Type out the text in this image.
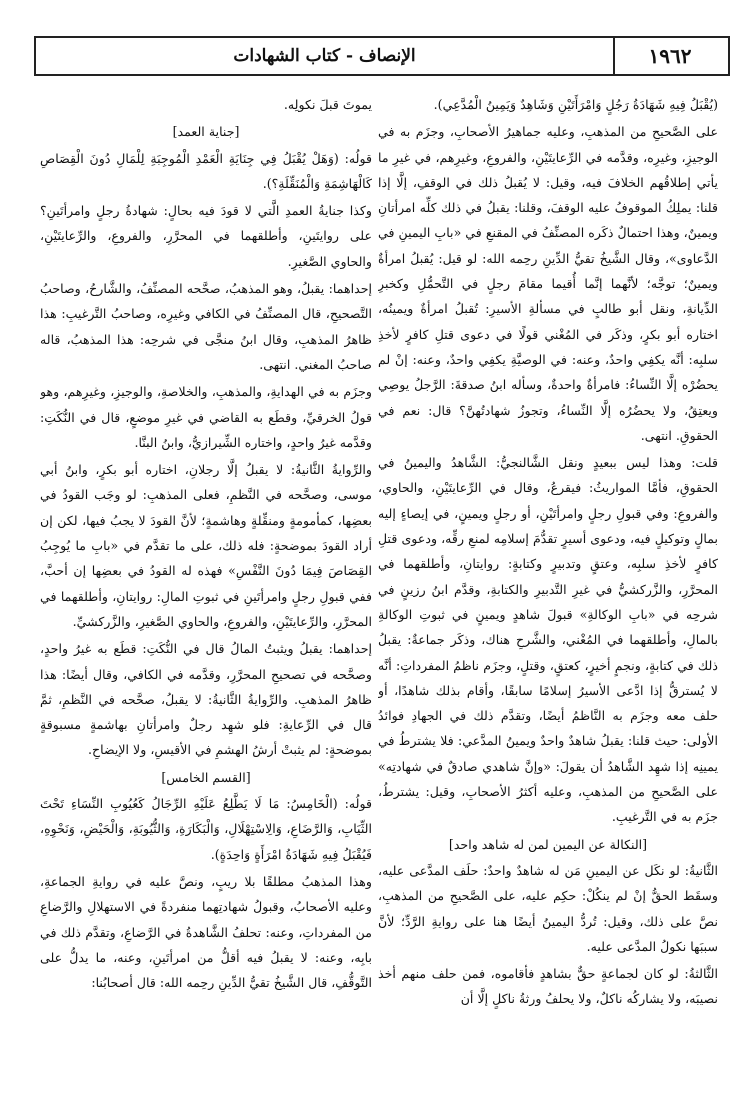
الإنصاف - كتاب الشهادات	١٩٦٢

(يُقْبَلُ فِيهِ شَهَادَةُ رَجُلٍ وَامْرَأَتَيْنِ وَشَاهِدٌ وَيَمِينُ الْمُدَّعِي).

على الصَّحيحِ من المذهبِ، وعليه جماهيرُ الأصحابِ، وجزَم به في الوجيزِ، وغيرِه، وقدَّمه في الرِّعايتَيْنِ، والفروعِ، وغيرِهم، في غيرِ ما يأتي إطلاقُهم الخلافَ فيه، وقيل: لا يُقبلُ ذلك في الوقفِ، إلَّا إذا قلنا: يملِكُ الموقوفُ عليه الوقفَ، وقلنا: يقبلُ في ذلك كلِّه امرأتانِ ويمينٌ، وهذا احتمالٌ ذكَره المصنِّفُ في المقنعِ في «بابِ اليمينِ في الدَّعاوى»، وقال الشَّيخُ تقيُّ الدِّينِ رحِمه الله: لو قيل: يُقبلُ امرأةٌ ويمينٌ؛ توجَّه؛ لأنَّهما إنَّما أُقيما مقامَ رجلٍ في التَّحمُّلِ وكخبرِ الدِّيانةِ، ونقل أبو طالبٍ في مسألةِ الأسيرِ: تُقبلُ امرأةٌ ويمينُه، اختاره أبو بكرٍ، وذكَر في المُغْني قولًا في دعوى قتلِ كافرٍ لأخذِ سلبِه: أنَّه يكفِي واحدٌ، وعنه: في الوصيَّةِ يكفِي واحدٌ، وعنه: إنْ لم يحضُرْه إلَّا النِّساءُ: فامرأةٌ واحدةٌ، وسأله ابنُ صدقةَ: الرَّجلُ يوصِي ويعتِقُ، ولا يحضُرُه إلَّا النِّساءُ، وتجوزُ شهادتُهنَّ؟ قال: نعم في الحقوقِ. انتهى.

قلت: وهذا ليس ببعيدٍ ونقل الشَّالنجيُّ: الشَّاهدُ واليمينُ في الحقوقِ، فأمَّا المواريثُ: فيقرعُ، وقال في الرِّعايتَيْنِ، والحاوي، والفروعِ: وفي قبولِ رجلٍ وامرأتَيْنِ، أو رجلٍ ويمينٍ، في إيصاءٍ إليه بمالٍ وتوكيلٍ فيه، ودعوى أسيرٍ تقدُّمَ إسلامِه لمنعِ رقِّه، ودعوى قتلِ كافرٍ لأخذِ سلبِه، وعتقٍ وتدبيرٍ وكتابةٍ: روايتانِ، وأطلقهما في المحرَّرِ، والزَّركشيُّ في غيرِ التَّدبيرِ والكتابةِ، وقدَّم ابنُ رزينٍ في شرحِه في «بابِ الوكالةِ» قبولَ شاهدٍ ويمينٍ في ثبوتِ الوكالةِ بالمالِ، وأطلقهما في المُغْني، والشَّرحِ هناك، وذكَر جماعةٌ: يقبلُ ذلك في كتابةٍ، ونجمٍ أخيرٍ، كعتقٍ، وقتلٍ، وجزَم ناظمُ المفرداتِ: أنَّه لا يُسترقُّ إذا ادَّعى الأسيرُ إسلامًا سابقًا، وأقام بذلك شاهدًا، أو حلف معه وجزَم به النَّاظمُ أيضًا، وتقدَّم ذلك في الجهادِ فوائدُ الأولى: حيث قلنا: يقبلُ شاهدٌ واحدٌ ويمينُ المدَّعي: فلا يشترطُ في يمينِه إذا شهِد الشَّاهدُ أن يقولَ: «وإنَّ شاهدي صادقٌ في شهادتِه» على الصَّحيحِ من المذهبِ، وعليه أكثرُ الأصحابِ، وقيل: يشترطُ، جزَم به في التَّرغيبِ.

[النكالة عن اليمين لمن له شاهد واحد]

الثَّانيةُ: لو نكَل عن اليمينِ مَن له شاهدٌ واحدٌ: حلَف المدَّعى عليه، وسقَط الحقُّ إنْ لم ينكُلْ: حكِم عليه، على الصَّحيحِ من المذهبِ، نصَّ على ذلك، وقيل: تُردُّ اليمينُ أيضًا هنا على روايةِ الرَّدِّ؛ لأنَّ سببَها نكولُ المدَّعى عليه.

الثَّالثةُ: لو كان لجماعةٍ حقٌّ بشاهدٍ فأقاموه، فمن حلف منهم أخذ نصيبَه، ولا يشاركُه ناكلٌ، ولا يحلفُ ورثةُ ناكلٍ إلَّا أن

يموتَ قبلَ نكولِه.

[جناية العمد]

قولُه: (وَهَلْ يُقْبَلُ فِي جِنَايَةِ الْعَمْدِ الْمُوجِبَةِ لِلْمَالِ دُونَ الْقِصَاصِ كَالْهَاشِمَةِ وَالْمُنَقِّلَةِ؟).

وكذا جنايةُ العمدِ الَّتي لا قودَ فيه بحالٍ: شهادةُ رجلٍ وامرأتَينِ؟ على روايتَينِ، وأطلقهما في المحرَّرِ، والفروعِ، والرِّعايتَيْنِ، والحاوي الصَّغيرِ.

إحداهما: يقبلُ، وهو المذهبُ، صحَّحه المصنِّفُ، والشَّارحُ، وصاحبُ التَّصحيحِ، قال المصنِّفُ في الكافي وغيرِه، وصاحبُ التَّرغيبِ: هذا ظاهرُ المذهبِ، وقال ابنُ منجَّى في شرحِه: هذا المذهبُ، قاله صاحبُ المغني. انتهى.

وجزَم به في الهدايةِ، والمذهبِ، والخلاصةِ، والوجيزِ، وغيرِهم، وهو قولُ الخرقيِّ، وقطَع به القاضي في غيرِ موضعٍ، قال في النُّكَتِ: وقدَّمه غيرُ واحدٍ، واختاره الشِّيرازيُّ، وابنُ البنَّا.

والرِّوايةُ الثَّانيةُ: لا يقبلُ إلَّا رجلانِ، اختاره أبو بكرٍ، وابنُ أبي موسى، وصحَّحه في النَّظمِ، فعلى المذهبِ: لو وجَب القودُ في بعضِها، كمأمومةٍ ومنقِّلةٍ وهاشمةٍ؛ لأنَّ القودَ لا يجبُ فيها، لكن إن أراد القودَ بموضحةٍ: فله ذلك، على ما تقدَّم في «بابِ ما يُوجِبُ القِصَاصَ فِيمَا دُونَ النَّفْسِ» فهذه له القودُ في بعضِها إن أحبَّ، ففي قبولِ رجلٍ وامرأتَينِ في ثبوتِ المالِ: روايتانِ، وأطلقهما في المحرَّرِ، والرِّعايتَيْنِ، والفروعِ، والحاوي الصَّغيرِ، والزَّركشيِّ.

إحداهما: يقبلُ ويثبتُ المالُ قال في النُّكَتِ: قطَع به غيرُ واحدٍ، وصحَّحه في تصحيحِ المحرَّرِ، وقدَّمه في الكافي، وقال أيضًا: هذا ظاهرُ المذهبِ. والرِّوايةُ الثَّانيةُ: لا يقبلُ، صحَّحه في النَّظمِ، ثمَّ قال في الرِّعايةِ: فلو شهِد رجلٌ وامرأتانِ بهاشمةٍ مسبوقةٍ بموضحةٍ: لم يثبتْ أرشُ الهشمِ في الأقيسِ، ولا الإيضاحِ.

[القسم الخامس]

قولُه: (الْخَامِسُ: مَا لَا يَطَّلِعُ عَلَيْهِ الرِّجَالُ كَعُيُوبِ النِّسَاءِ تَحْتَ الثِّيَابِ، وَالرَّضَاعِ، وَالِاسْتِهْلَالِ، وَالْبَكَارَةِ، وَالثُّيُوبَةِ، وَالْحَيْضِ، وَنَحْوِهِ، فَيُقْبَلُ فِيهِ شَهَادَةُ امْرَأَةٍ وَاحِدَةٍ).

وهذا المذهبُ مطلقًا بلا ريبٍ، ونصَّ عليه في روايةِ الجماعةِ، وعليه الأصحابُ، وقبولُ شهادتِهما منفردةً في الاستهلالِ والرَّضاعِ من المفرداتِ، وعنه: تحلفُ الشَّاهدةُ في الرَّضاعِ، وتقدَّم ذلك في بابِه، وعنه: لا يقبلُ فيه أقلُّ من امرأتَينِ، وعنه، ما يدلُّ على التَّوقُّفِ، قال الشَّيخُ تقيُّ الدِّينِ رحِمه الله: قال أصحابُنا:
